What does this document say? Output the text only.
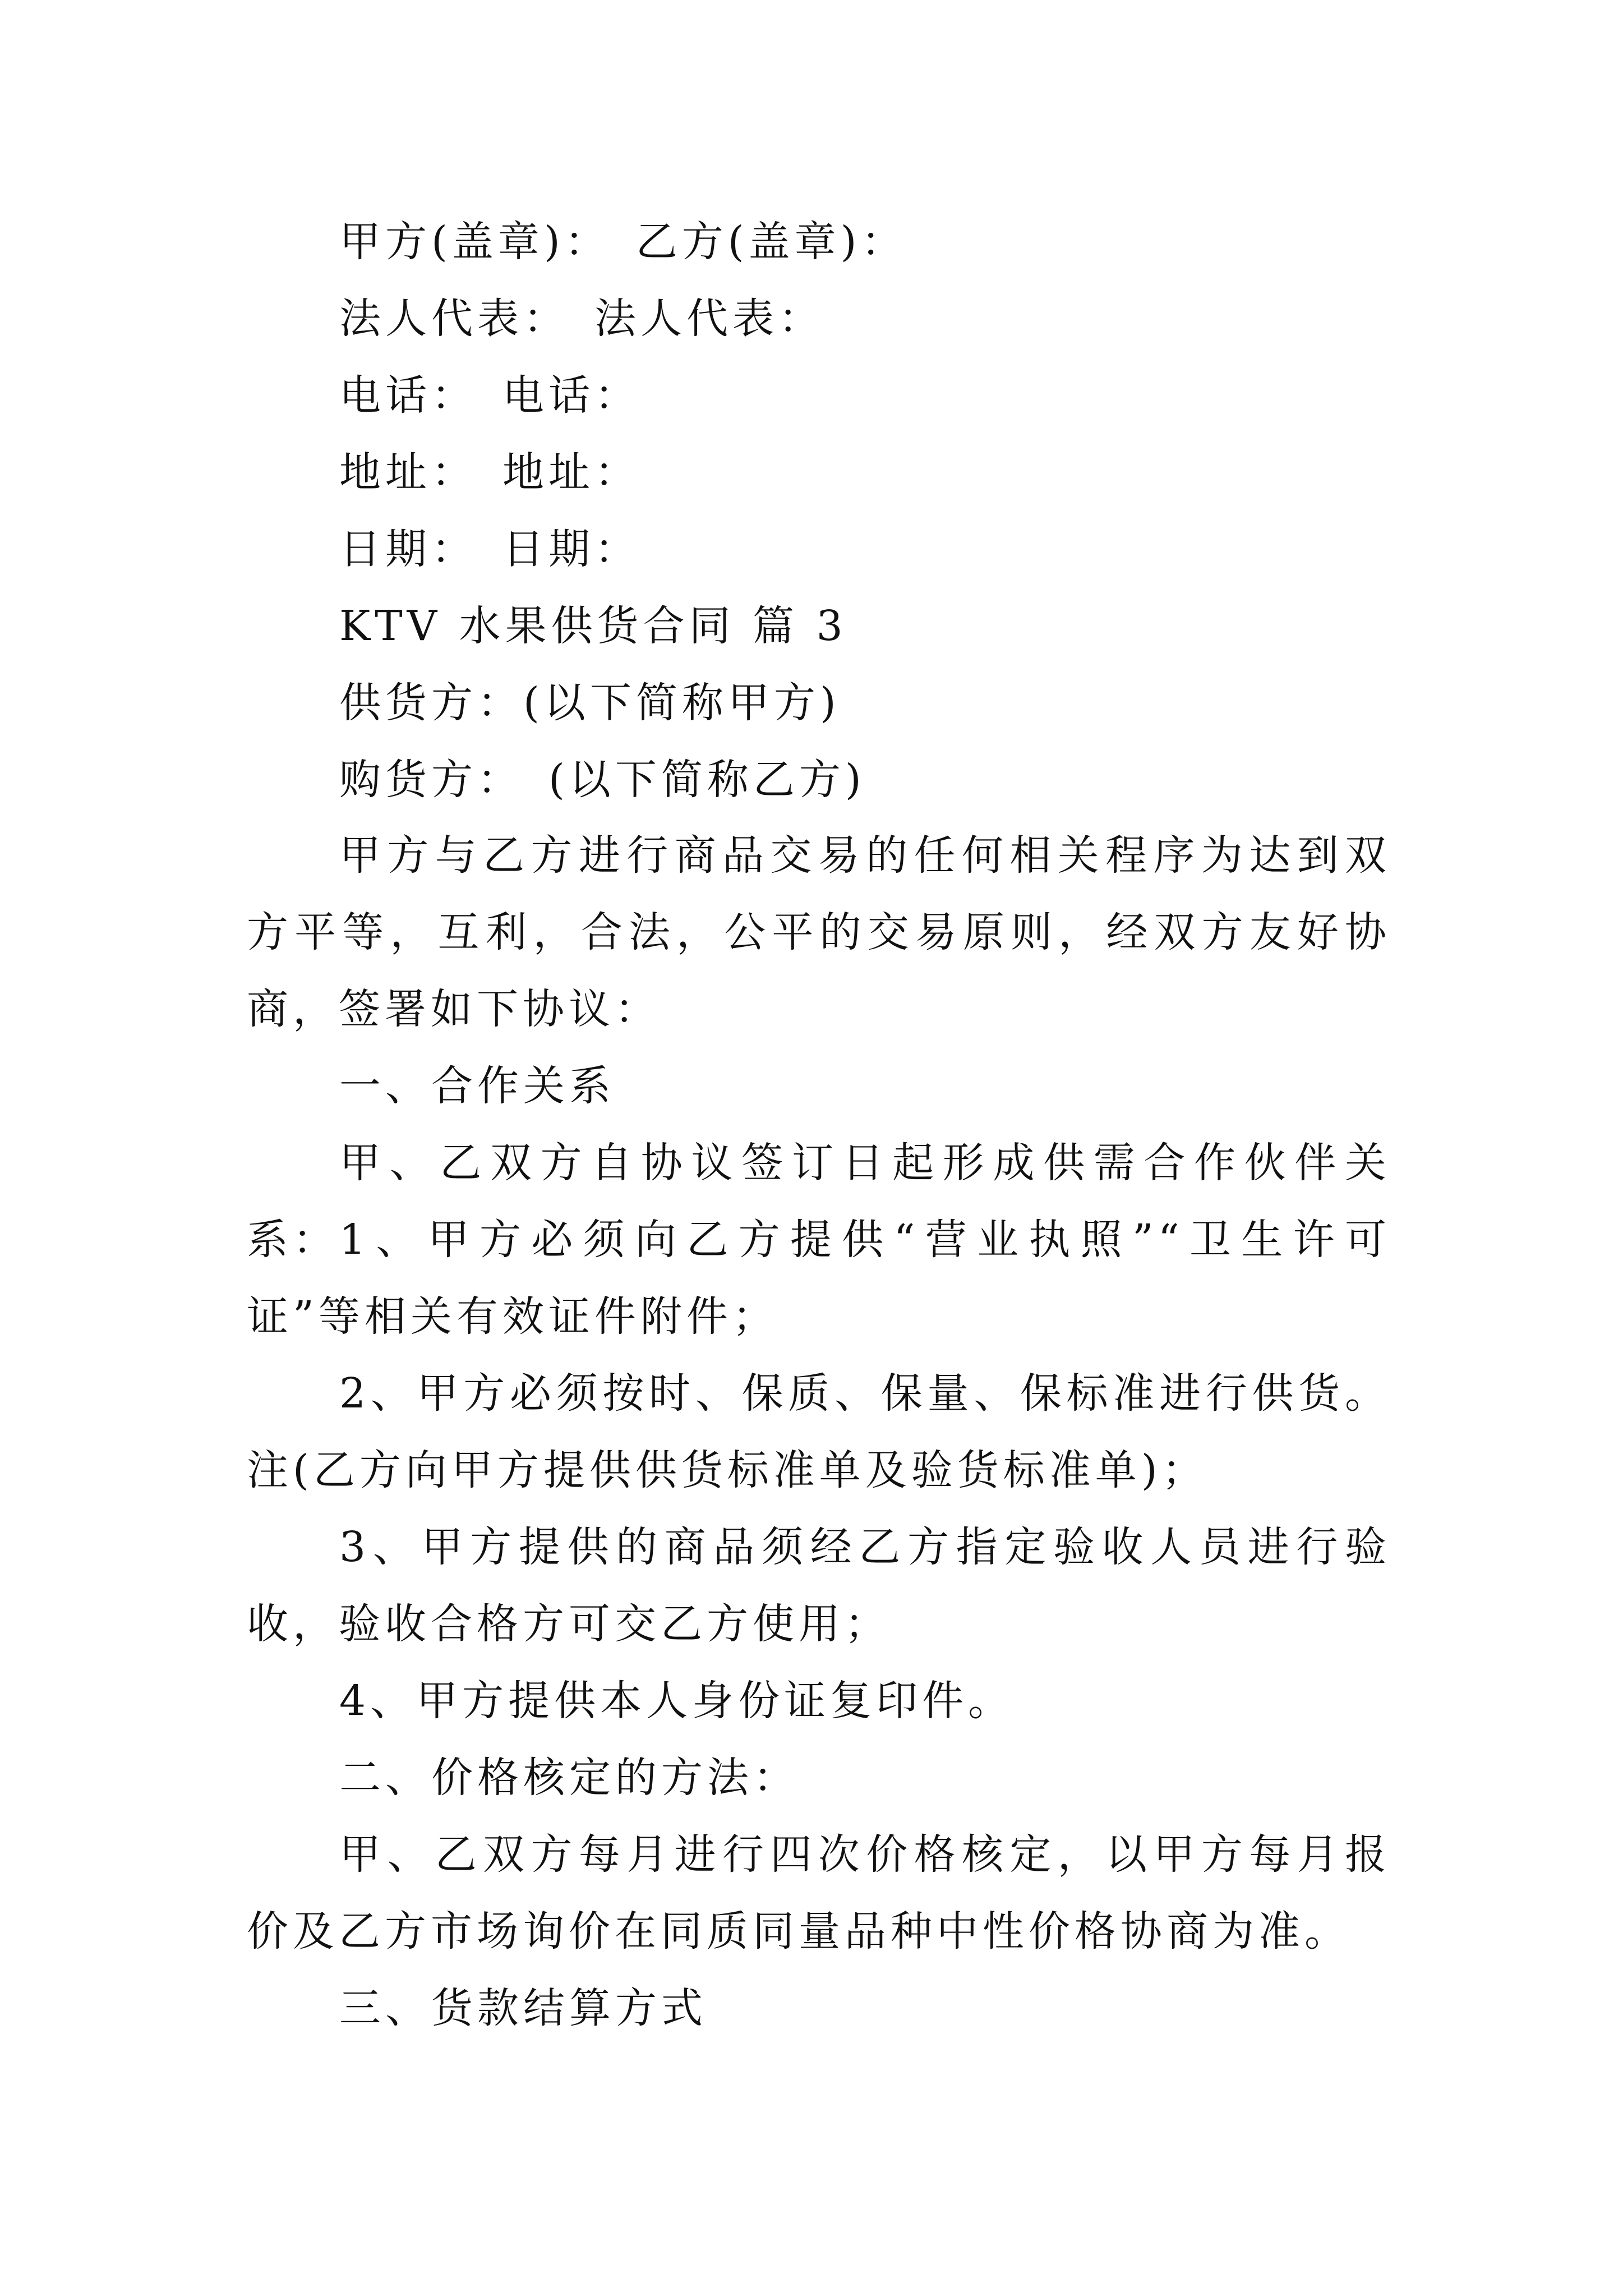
甲方(盖章)：　乙方(盖章)：
法人代表：　法人代表：
电话：　电话：
地址：　地址：
日期：　日期：
KTV 水果供货合同 篇 3
供货方：(以下简称甲方)
购货方：　(以下简称乙方)
甲方与乙方进行商品交易的任何相关程序为达到双方平等，互利，合法，公平的交易原则，经双方友好协商，签署如下协议：
一、合作关系
甲、乙双方自协议签订日起形成供需合作伙伴关系： 1、甲方必须向乙方提供“营业执照”“卫生许可证”等相关有效证件附件；
2、甲方必须按时、保质、保量、保标准进行供货。注(乙方向甲方提供供货标准单及验货标准单)；
3、甲方提供的商品须经乙方指定验收人员进行验收，验收合格方可交乙方使用；
4、甲方提供本人身份证复印件。
二、价格核定的方法：
甲、乙双方每月进行四次价格核定，以甲方每月报价及乙方市场询价在同质同量品种中性价格协商为准。
三、货款结算方式
